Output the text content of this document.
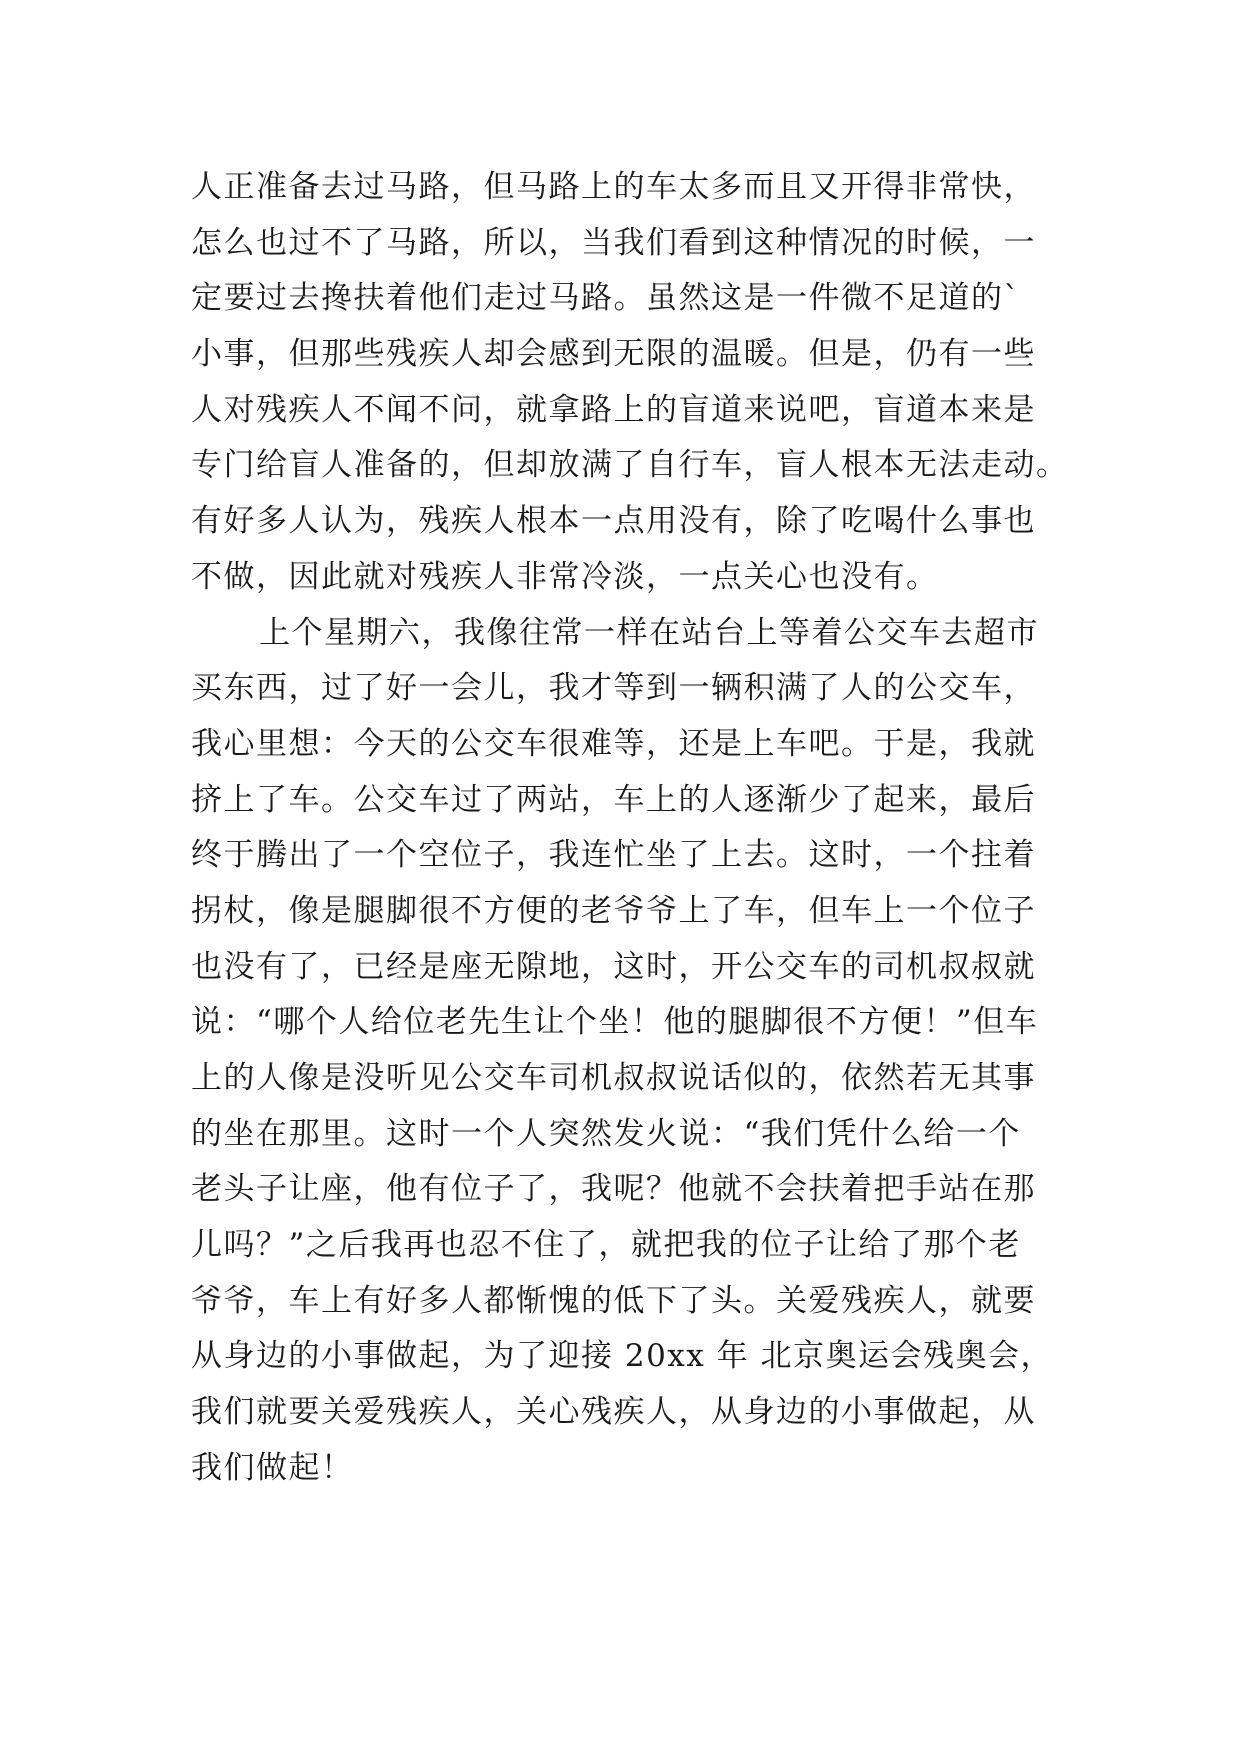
人正准备去过马路，但马路上的车太多而且又开得非常快，
怎么也过不了马路，所以，当我们看到这种情况的时候，一
定要过去搀扶着他们走过马路。虽然这是一件微不足道的`
小事，但那些残疾人却会感到无限的温暖。但是，仍有一些
人对残疾人不闻不问，就拿路上的盲道来说吧，盲道本来是
专门给盲人准备的，但却放满了自行车，盲人根本无法走动。
有好多人认为，残疾人根本一点用没有，除了吃喝什么事也
不做，因此就对残疾人非常冷淡，一点关心也没有。
上个星期六，我像往常一样在站台上等着公交车去超市
买东西，过了好一会儿，我才等到一辆积满了人的公交车，
我心里想：今天的公交车很难等，还是上车吧。于是，我就
挤上了车。公交车过了两站，车上的人逐渐少了起来，最后
终于腾出了一个空位子，我连忙坐了上去。这时，一个拄着
拐杖，像是腿脚很不方便的老爷爷上了车，但车上一个位子
也没有了，已经是座无隙地，这时，开公交车的司机叔叔就
说：“哪个人给位老先生让个坐！他的腿脚很不方便！”但车
上的人像是没听见公交车司机叔叔说话似的，依然若无其事
的坐在那里。这时一个人突然发火说：“我们凭什么给一个
老头子让座，他有位子了，我呢？他就不会扶着把手站在那
儿吗？”之后我再也忍不住了，就把我的位子让给了那个老
爷爷，车上有好多人都惭愧的低下了头。关爱残疾人，就要
从身边的小事做起，为了迎接 20xx 年 北京奥运会残奥会，
我们就要关爱残疾人，关心残疾人，从身边的小事做起，从
我们做起！
